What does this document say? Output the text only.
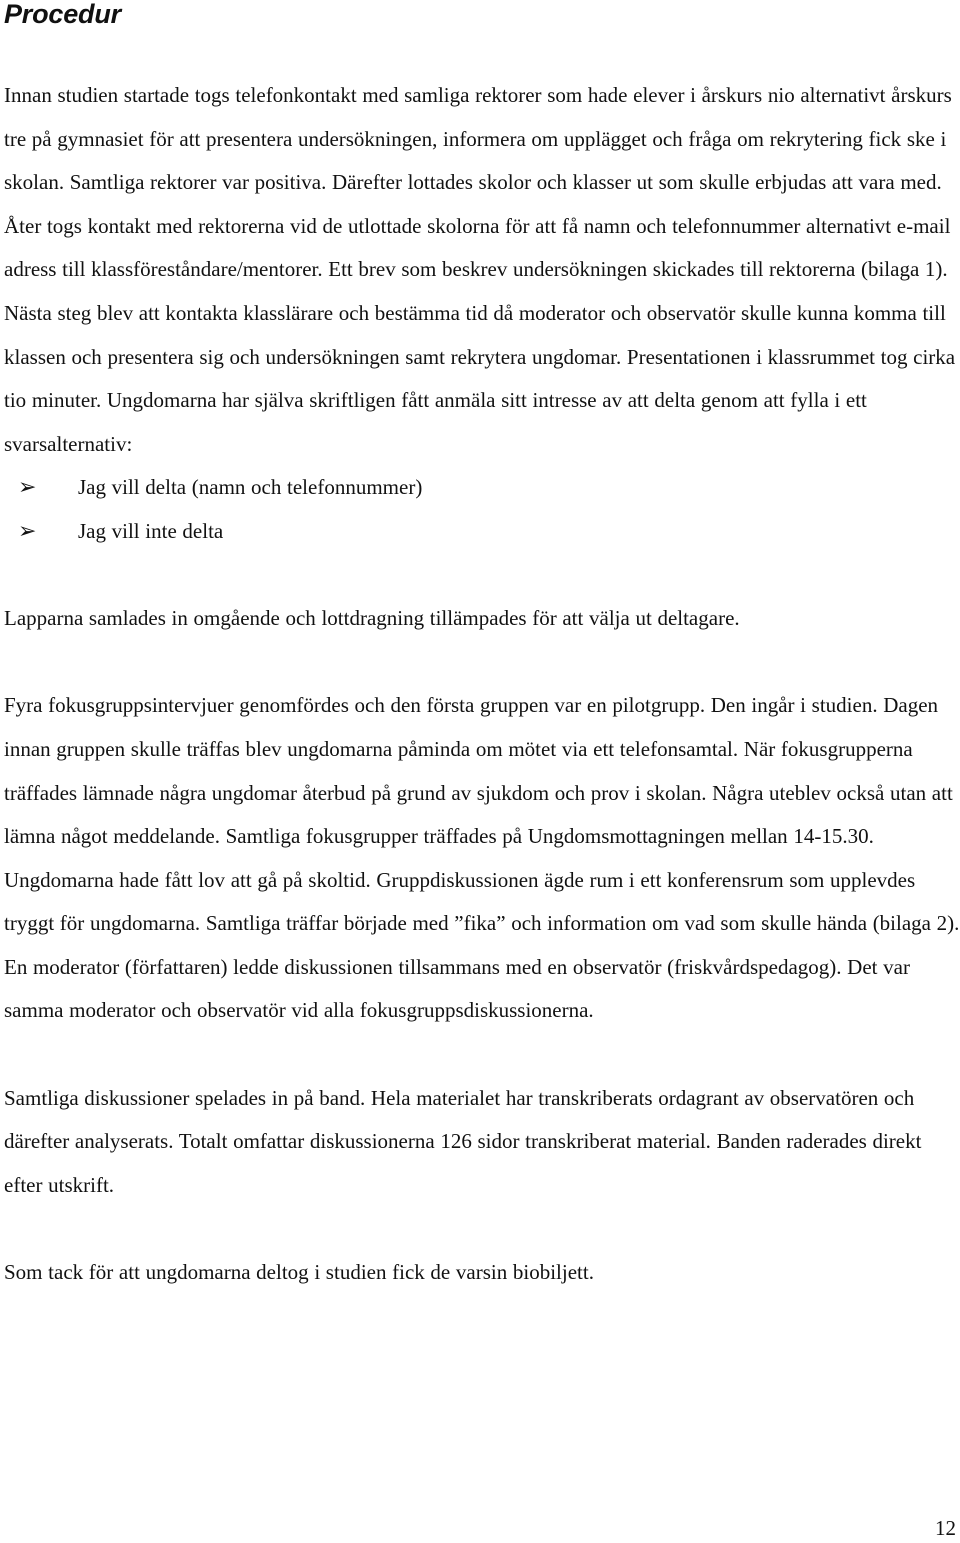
Procedur

Innan studien startade togs telefonkontakt med samliga rektorer som hade elever i årskurs nio alternativt årskurs tre på gymnasiet för att presentera undersökningen, informera om upplägget och fråga om rekrytering fick ske i skolan. Samtliga rektorer var positiva. Därefter lottades skolor och klasser ut som skulle erbjudas att vara med. Åter togs kontakt med rektorerna vid de utlottade skolorna för att få namn och telefonnummer alternativt e-mail adress till klassföreståndare/mentorer. Ett brev som beskrev undersökningen skickades till rektorerna (bilaga 1). Nästa steg blev att kontakta klasslärare och bestämma tid då moderator och observatör skulle kunna komma till klassen och presentera sig och undersökningen samt rekrytera ungdomar. Presentationen i klassrummet tog cirka tio minuter. Ungdomarna har själva skriftligen fått anmäla sitt intresse av att delta genom att fylla i ett svarsalternativ:

➢ Jag vill delta (namn och telefonnummer)
➢ Jag vill inte delta

Lapparna samlades in omgående och lottdragning tillämpades för att välja ut deltagare.

Fyra fokusgruppsintervjuer genomfördes och den första gruppen var en pilotgrupp. Den ingår i studien. Dagen innan gruppen skulle träffas blev ungdomarna påminda om mötet via ett telefonsamtal. När fokusgrupperna träffades lämnade några ungdomar återbud på grund av sjukdom och prov i skolan. Några uteblev också utan att lämna något meddelande. Samtliga fokusgrupper träffades på Ungdomsmottagningen mellan 14-15.30. Ungdomarna hade fått lov att gå på skoltid. Gruppdiskussionen ägde rum i ett konferensrum som upplevdes tryggt för ungdomarna. Samtliga träffar började med ”fika” och information om vad som skulle hända (bilaga 2). En moderator (författaren) ledde diskussionen tillsammans med en observatör (friskvårdspedagog). Det var samma moderator och observatör vid alla fokusgruppsdiskussionerna.

Samtliga diskussioner spelades in på band. Hela materialet har transkriberats ordagrant av observatören och därefter analyserats. Totalt omfattar diskussionerna 126 sidor transkriberat material. Banden raderades direkt efter utskrift.

Som tack för att ungdomarna deltog i studien fick de varsin biobiljett.

12
